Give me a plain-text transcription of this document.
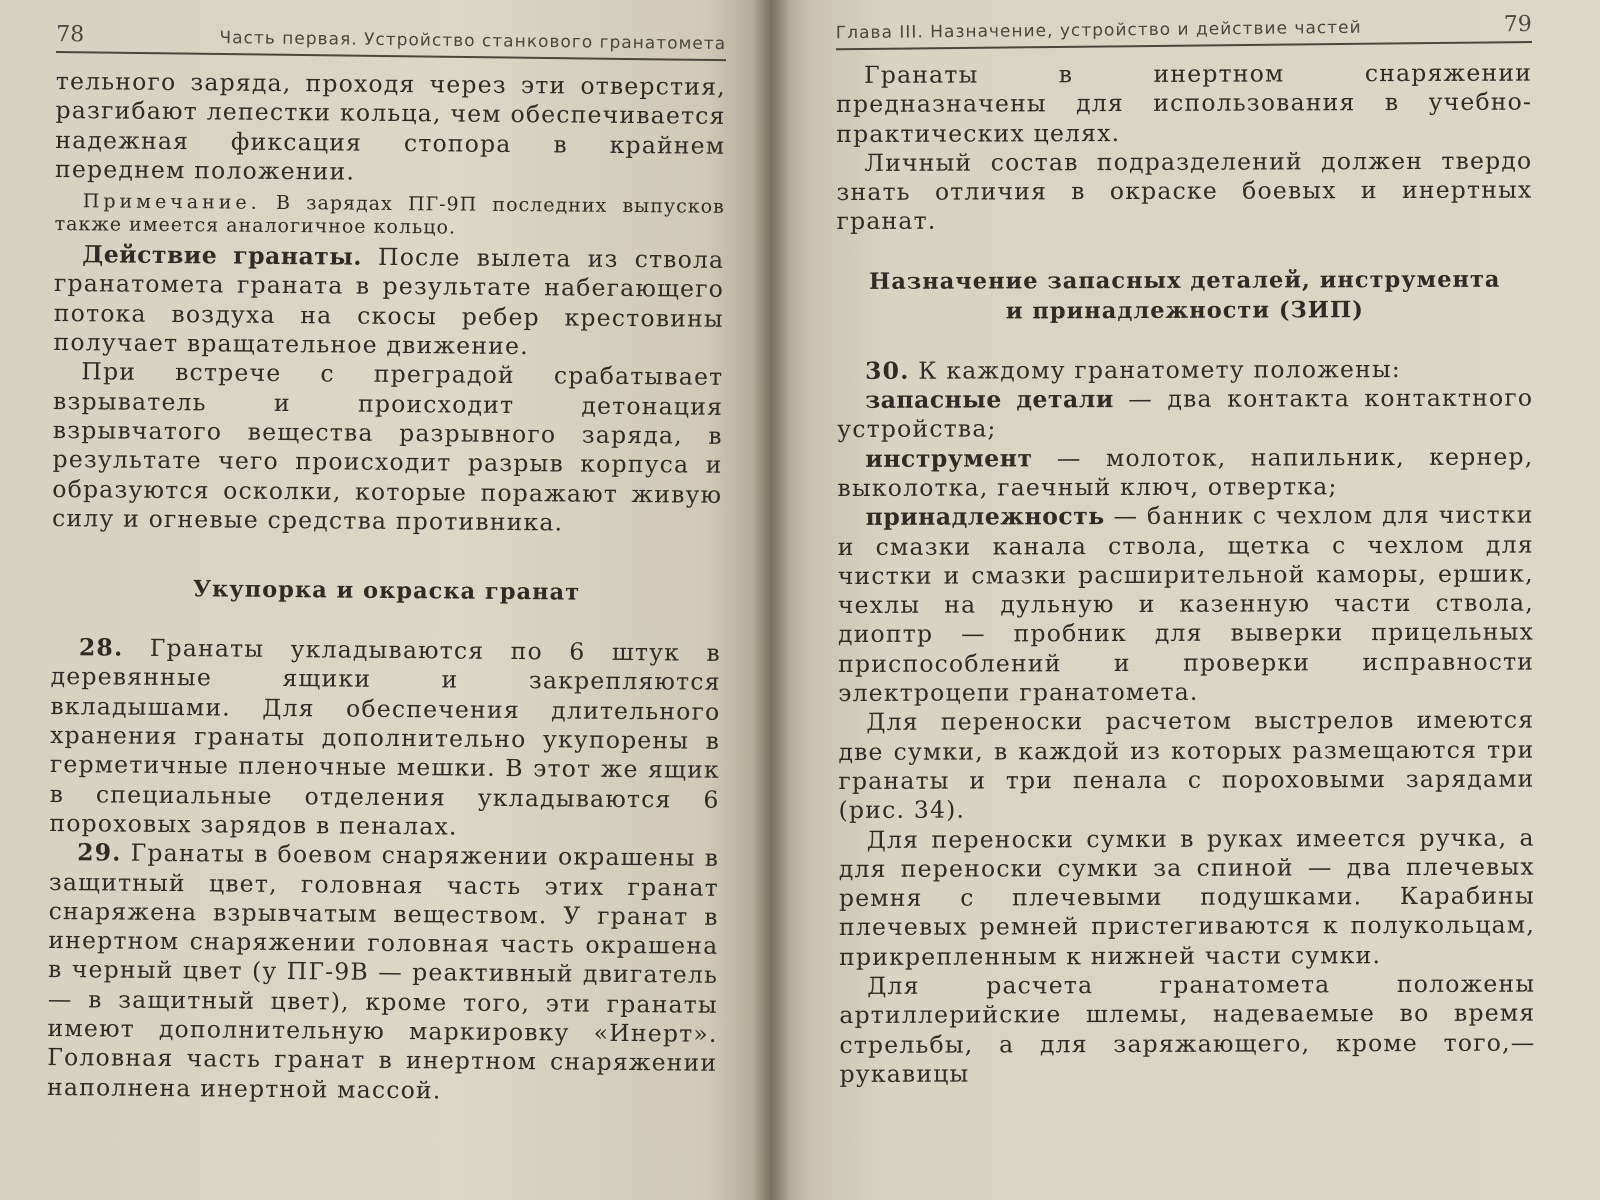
78	Часть первая. Устройство станкового гранатомета

тельного заряда, проходя через эти отверстия, разгибают лепестки кольца, чем обеспечивается надежная фиксация стопора в крайнем переднем положении.

Примечание. В зарядах ПГ-9П последних выпусков также имеется аналогичное кольцо.

Действие гранаты. После вылета из ствола гранатомета граната в результате набегающего потока воздуха на скосы ребер крестовины получает вращательное движение.

При встрече с преградой срабатывает взрыватель и происходит детонация взрывчатого вещества разрывного заряда, в результате чего происходит разрыв корпуса и образуются осколки, которые поражают живую силу и огневые средства противника.

Укупорка и окраска гранат

28. Гранаты укладываются по 6 штук в деревянные ящики и закрепляются вкладышами. Для обеспечения длительного хранения гранаты дополнительно укупорены в герметичные пленочные мешки. В этот же ящик в специальные отделения укладываются 6 пороховых зарядов в пеналах.

29. Гранаты в боевом снаряжении окрашены в защитный цвет, головная часть этих гранат снаряжена взрывчатым веществом. У гранат в инертном снаряжении головная часть окрашена в черный цвет (у ПГ-9В — реактивный двигатель — в защитный цвет), кроме того, эти гранаты имеют дополнительную маркировку «Инерт». Головная часть гранат в инертном снаряжении наполнена инертной массой.

Глава III. Назначение, устройство и действие частей	79

Гранаты в инертном снаряжении предназначены для использования в учебно-практических целях.

Личный состав подразделений должен твердо знать отличия в окраске боевых и инертных гранат.

Назначение запасных деталей, инструмента
и принадлежности (ЗИП)

30. К каждому гранатомету положены:

запасные детали — два контакта контактного устройства;

инструмент — молоток, напильник, кернер, выколотка, гаечный ключ, отвертка;

принадлежность — банник с чехлом для чистки и смазки канала ствола, щетка с чехлом для чистки и смазки расширительной каморы, ершик, чехлы на дульную и казенную части ствола, диоптр — пробник для выверки прицельных приспособлений и проверки исправности электроцепи гранатомета.

Для переноски расчетом выстрелов имеются две сумки, в каждой из которых размещаются три гранаты и три пенала с пороховыми зарядами (рис. 34).

Для переноски сумки в руках имеется ручка, а для переноски сумки за спиной — два плечевых ремня с плечевыми подушками. Карабины плечевых ремней пристегиваются к полукольцам, прикрепленным к нижней части сумки.

Для расчета гранатомета положены артиллерийские шлемы, надеваемые во время стрельбы, а для заряжающего, кроме того,— рукавицы
